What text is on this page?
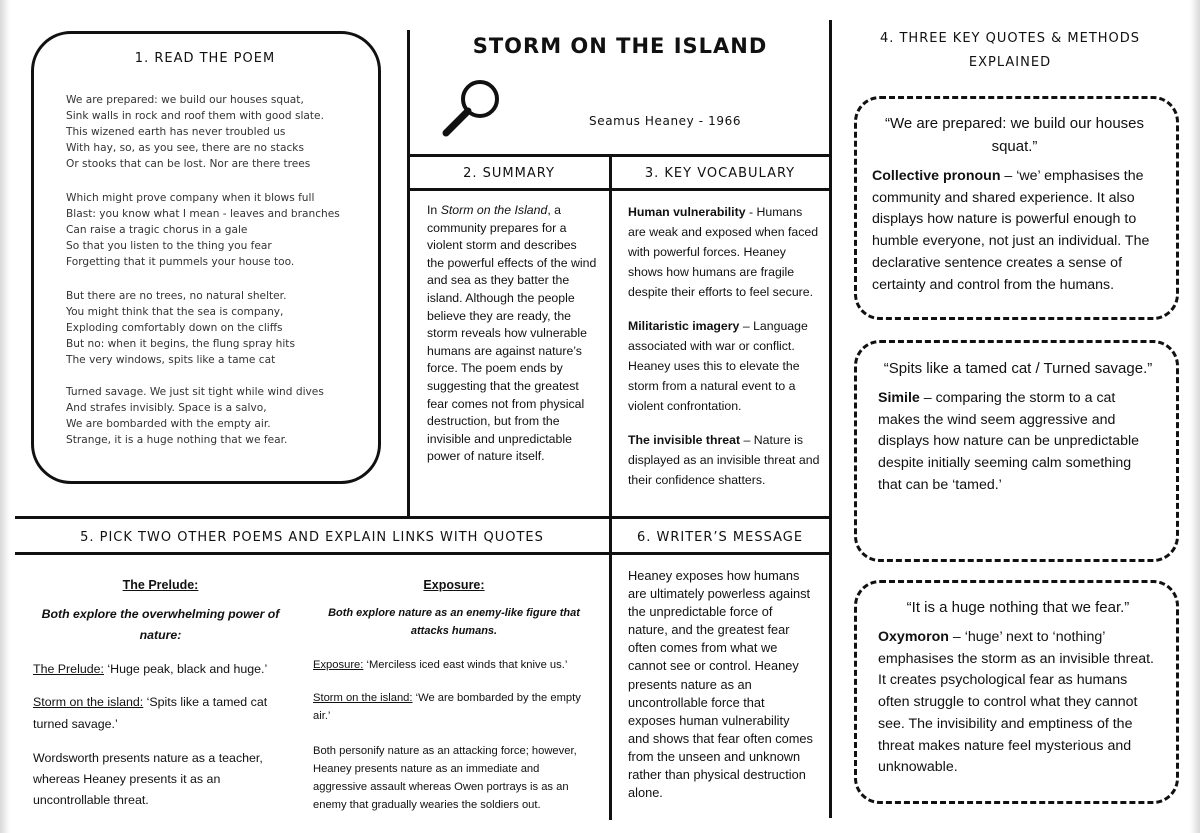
1. READ THE POEM
We are prepared: we build our houses squat,
Sink walls in rock and roof them with good slate.
This wizened earth has never troubled us
With hay, so, as you see, there are no stacks
Or stooks that can be lost. Nor are there trees
Which might prove company when it blows full
Blast: you know what I mean - leaves and branches
Can raise a tragic chorus in a gale
So that you listen to the thing you fear
Forgetting that it pummels your house too.
But there are no trees, no natural shelter.
You might think that the sea is company,
Exploding comfortably down on the cliffs
But no: when it begins, the flung spray hits
The very windows, spits like a tame cat
Turned savage. We just sit tight while wind dives
And strafes invisibly. Space is a salvo,
We are bombarded with the empty air.
Strange, it is a huge nothing that we fear.
STORM ON THE ISLAND
Seamus Heaney - 1966
2. SUMMARY
In Storm on the Island, a community prepares for a violent storm and describes the powerful effects of the wind and sea as they batter the island. Although the people believe they are ready, the storm reveals how vulnerable humans are against nature’s force. The poem ends by suggesting that the greatest fear comes not from physical destruction, but from the invisible and unpredictable power of nature itself.
3. KEY VOCABULARY

Human vulnerability - Humans are weak and exposed when faced with powerful forces. Heaney shows how humans are fragile despite their efforts to feel secure.

Militaristic imagery – Language associated with war or conflict. Heaney uses this to elevate the storm from a natural event to a violent confrontation.

The invisible threat – Nature is displayed as an invisible threat and their confidence shatters.

4. THREE KEY QUOTES & METHODS
EXPLAINED
“We are prepared: we build our houses squat.”
Collective pronoun – ‘we’ emphasises the community and shared experience. It also displays how nature is powerful enough to humble everyone, not just an individual. The declarative sentence creates a sense of certainty and control from the humans.
“Spits like a tamed cat / Turned savage.”
Simile – comparing the storm to a cat makes the wind seem aggressive and displays how nature can be unpredictable despite initially seeming calm something that can be ‘tamed.’
“It is a huge nothing that we fear.”
Oxymoron – ‘huge’ next to ‘nothing’ emphasises the storm as an invisible threat. It creates psychological fear as humans often struggle to control what they cannot see. The invisibility and emptiness of the threat makes nature feel mysterious and unknowable.
5. PICK TWO OTHER POEMS AND EXPLAIN LINKS WITH QUOTES
The Prelude:
Both explore the overwhelming power of nature:
The Prelude: ‘Huge peak, black and huge.’
Storm on the island: ‘Spits like a tamed cat turned savage.’
Wordsworth presents nature as a teacher, whereas Heaney presents it as an uncontrollable threat.
Exposure:
Both explore nature as an enemy-like figure that attacks humans.
Exposure: ‘Merciless iced east winds that knive us.’
Storm on the island: ‘We are bombarded by the empty air.’
Both personify nature as an attacking force; however, Heaney presents nature as an immediate and aggressive assault whereas Owen portrays is as an enemy that gradually wearies the soldiers out.
6. WRITER’S MESSAGE
Heaney exposes how humans are ultimately powerless against the unpredictable force of nature, and the greatest fear often comes from what we cannot see or control. Heaney presents nature as an uncontrollable force that exposes human vulnerability and shows that fear often comes from the unseen and unknown rather than physical destruction alone.
